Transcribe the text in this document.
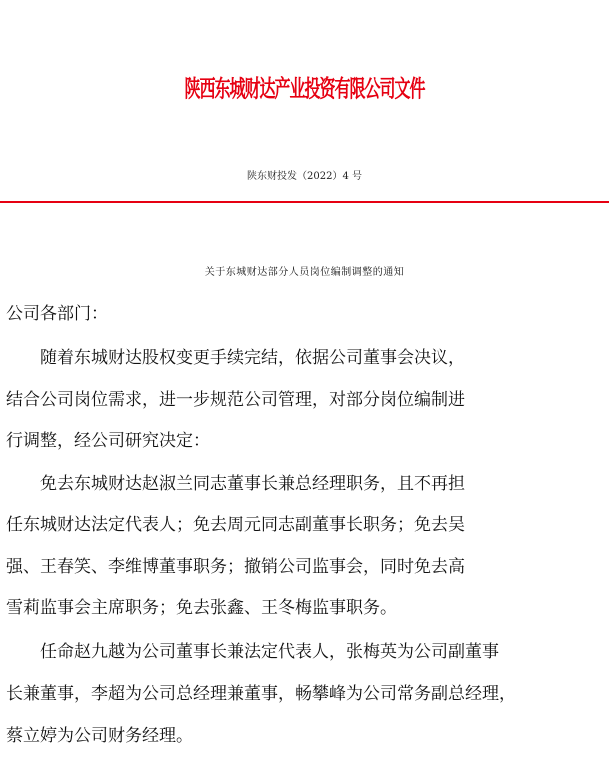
陕西东城财达产业投资有限公司文件
陕东财投发（2022）4 号
关于东城财达部分人员岗位编制调整的通知
公司各部门：
随着东城财达股权变更手续完结，依据公司董事会决议，
结合公司岗位需求，进一步规范公司管理，对部分岗位编制进
行调整，经公司研究决定：
免去东城财达赵淑兰同志董事长兼总经理职务，且不再担
任东城财达法定代表人；免去周元同志副董事长职务；免去吴
强、王春笑、李维博董事职务；撤销公司监事会，同时免去高
雪莉监事会主席职务；免去张鑫、王冬梅监事职务。
任命赵九越为公司董事长兼法定代表人，张梅英为公司副董事
长兼董事，李超为公司总经理兼董事，畅攀峰为公司常务副总经理，
蔡立婷为公司财务经理。
